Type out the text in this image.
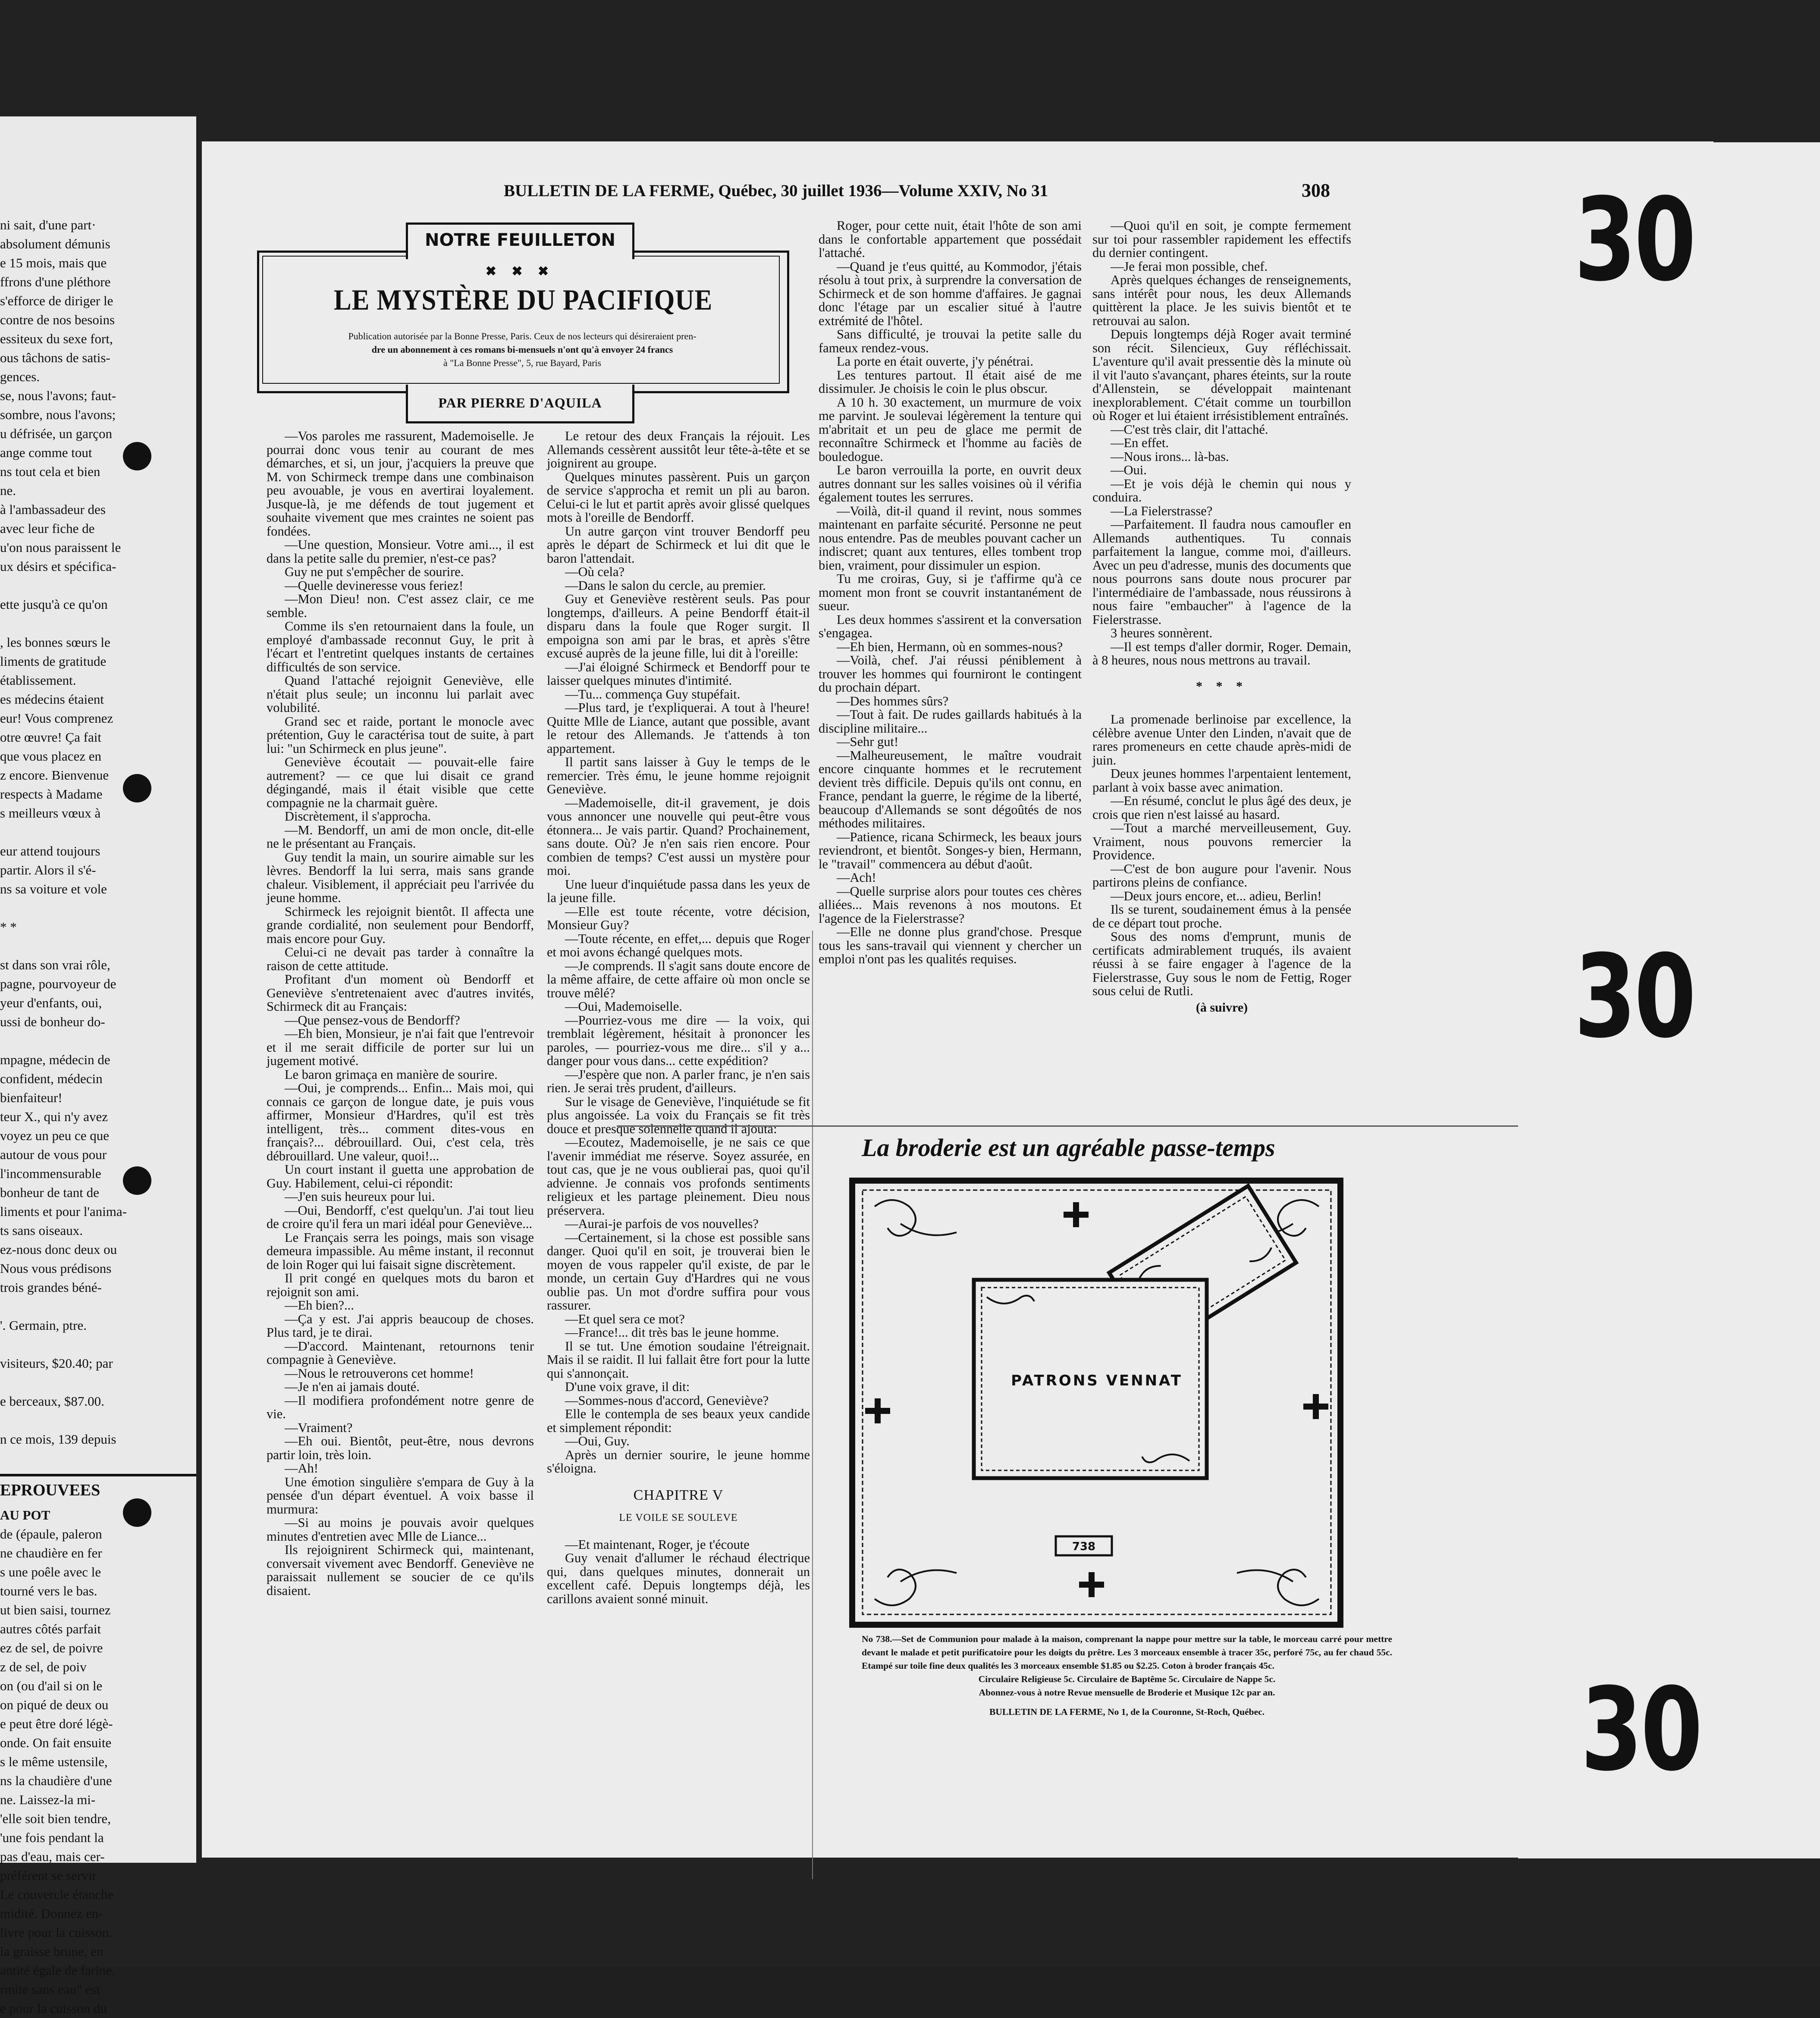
ni sait, d'une part·
absolument démunis
e 15 mois, mais que
ffrons d'une pléthore
s'efforce de diriger le
contre de nos besoins
essiteux du sexe fort,
ous tâchons de satis-
gences.
se, nous l'avons; faut-
sombre, nous l'avons;
u défrisée, un garçon
ange comme tout
ns tout cela et bien
ne.
à l'ambassadeur des
avec leur fiche de
u'on nous paraissent le
ux désirs et spécifica-

ette jusqu'à ce qu'on

, les bonnes sœurs le
liments de gratitude
établissement.
es médecins étaient
eur! Vous comprenez
otre œuvre! Ça fait
que vous placez en
z encore. Bienvenue
respects à Madame
s meilleurs vœux à

eur attend toujours
partir. Alors il s'é-
ns sa voiture et vole

* *

st dans son vrai rôle,
pagne, pourvoyeur de
yeur d'enfants, oui,
ussi de bonheur do-

mpagne, médecin de
confident, médecin
bienfaiteur!
teur X., qui n'y avez
voyez un peu ce que
autour de vous pour
l'incommensurable
bonheur de tant de
liments et pour l'anima-
ts sans oiseaux.
ez-nous donc deux ou
Nous vous prédisons
trois grandes béné-

'. Germain, ptre.

visiteurs, $20.40; par

e berceaux, $87.00.

n ce mois, 139 depuis

EPROUVEES
AU POT
de (épaule, paleron
ne chaudière en fer
s une poêle avec le
tourné vers le bas.
ut bien saisi, tournez
autres côtés parfait
ez de sel, de poivre
z de sel, de poiv
on (ou d'ail si on le
on piqué de deux ou
e peut être doré légè-
onde. On fait ensuite
s le même ustensile,
ns la chaudière d'une
ne. Laissez-la mi-
'elle soit bien tendre,
'une fois pendant la
pas d'eau, mais cer-
préférent se servir
Le couvercle étanche
midité. Donnez en-
livre pour la cuisson.
la graisse brune, en
antité égale de farine.
rmite sans eau" est
e pour la cuisson du
BULLETIN DE LA FERME, Québec, 30 juillet 1936—Volume XXIV, No 31	308
NOTRE FEUILLETON
✖ ✖ ✖
LE MYSTÈRE DU PACIFIQUE
Publication autorisée par la Bonne Presse, Paris. Ceux de nos lecteurs qui désireraient pren-
dre un abonnement à ces romans bi-mensuels n'ont qu'à envoyer 24 francs
à "La Bonne Presse", 5, rue Bayard, Paris
PAR PIERRE D'AQUILA

—Vos paroles me rassurent, Mademoiselle. Je pourrai donc vous tenir au courant de mes démarches, et si, un jour, j'acquiers la preuve que M. von Schirmeck trempe dans une combinaison peu avouable, je vous en avertirai loyalement. Jusque-là, je me défends de tout jugement et souhaite vivement que mes craintes ne soient pas fondées.

—Une question, Monsieur. Votre ami..., il est dans la petite salle du premier, n'est-ce pas?

Guy ne put s'empêcher de sourire.

—Quelle devineresse vous feriez!

—Mon Dieu! non. C'est assez clair, ce me semble.

Comme ils s'en retournaient dans la foule, un employé d'ambassade reconnut Guy, le prit à l'écart et l'entretint quelques instants de certaines difficultés de son service.

Quand l'attaché rejoignit Geneviève, elle n'était plus seule; un inconnu lui parlait avec volubilité.

Grand sec et raide, portant le monocle avec prétention, Guy le caractérisa tout de suite, à part lui: "un Schirmeck en plus jeune".

Geneviève écoutait — pouvait-elle faire autrement? — ce que lui disait ce grand dégingandé, mais il était visible que cette compagnie ne la charmait guère.

Discrètement, il s'approcha.

—M. Bendorff, un ami de mon oncle, dit-elle ne le présentant au Français.

Guy tendit la main, un sourire aimable sur les lèvres. Bendorff la lui serra, mais sans grande chaleur. Visiblement, il appréciait peu l'arrivée du jeune homme.

Schirmeck les rejoignit bientôt. Il affecta une grande cordialité, non seulement pour Bendorff, mais encore pour Guy.

Celui-ci ne devait pas tarder à connaître la raison de cette attitude.

Profitant d'un moment où Bendorff et Geneviève s'entretenaient avec d'autres invités, Schirmeck dit au Français:

—Que pensez-vous de Bendorff?

—Eh bien, Monsieur, je n'ai fait que l'entrevoir et il me serait difficile de porter sur lui un jugement motivé.

Le baron grimaça en manière de sourire.

—Oui, je comprends... Enfin... Mais moi, qui connais ce garçon de longue date, je puis vous affirmer, Monsieur d'Hardres, qu'il est très intelligent, très... comment dites-vous en français?... débrouillard. Oui, c'est cela, très débrouillard. Une valeur, quoi!...

Un court instant il guetta une approbation de Guy. Habilement, celui-ci répondit:

—J'en suis heureux pour lui.

—Oui, Bendorff, c'est quelqu'un. J'ai tout lieu de croire qu'il fera un mari idéal pour Geneviève...

Le Français serra les poings, mais son visage demeura impassible. Au même instant, il reconnut de loin Roger qui lui faisait signe discrètement.

Il prit congé en quelques mots du baron et rejoignit son ami.

—Eh bien?...

—Ça y est. J'ai appris beaucoup de choses. Plus tard, je te dirai.

—D'accord. Maintenant, retournons tenir compagnie à Geneviève.

—Nous le retrouverons cet homme!

—Je n'en ai jamais douté.

—Il modifiera profondément notre genre de vie.

—Vraiment?

—Eh oui. Bientôt, peut-être, nous devrons partir loin, très loin.

—Ah!

Une émotion singulière s'empara de Guy à la pensée d'un départ éventuel. A voix basse il murmura:

—Si au moins je pouvais avoir quelques minutes d'entretien avec Mlle de Liance...

Ils rejoignirent Schirmeck qui, maintenant, conversait vivement avec Bendorff. Geneviève ne paraissait nullement se soucier de ce qu'ils disaient.

Le retour des deux Français la réjouit. Les Allemands cessèrent aussitôt leur tête-à-tête et se joignirent au groupe.

Quelques minutes passèrent. Puis un garçon de service s'approcha et remit un pli au baron. Celui-ci le lut et partit après avoir glissé quelques mots à l'oreille de Bendorff.

Un autre garçon vint trouver Bendorff peu après le départ de Schirmeck et lui dit que le baron l'attendait.

—Où cela?

—Dans le salon du cercle, au premier.

Guy et Geneviève restèrent seuls. Pas pour longtemps, d'ailleurs. A peine Bendorff était-il disparu dans la foule que Roger surgit. Il empoigna son ami par le bras, et après s'être excusé auprès de la jeune fille, lui dit à l'oreille:

—J'ai éloigné Schirmeck et Bendorff pour te laisser quelques minutes d'intimité.

—Tu... commença Guy stupéfait.

—Plus tard, je t'expliquerai. A tout à l'heure! Quitte Mlle de Liance, autant que possible, avant le retour des Allemands. Je t'attends à ton appartement.

Il partit sans laisser à Guy le temps de le remercier. Très ému, le jeune homme rejoignit Geneviève.

—Mademoiselle, dit-il gravement, je dois vous annoncer une nouvelle qui peut-être vous étonnera... Je vais partir. Quand? Prochainement, sans doute. Où? Je n'en sais rien encore. Pour combien de temps? C'est aussi un mystère pour moi.

Une lueur d'inquiétude passa dans les yeux de la jeune fille.

—Elle est toute récente, votre décision, Monsieur Guy?

—Toute récente, en effet,... depuis que Roger et moi avons échangé quelques mots.

—Je comprends. Il s'agit sans doute encore de la même affaire, de cette affaire où mon oncle se trouve mêlé?

—Oui, Mademoiselle.

—Pourriez-vous me dire — la voix, qui tremblait légèrement, hésitait à prononcer les paroles, — pourriez-vous me dire... s'il y a... danger pour vous dans... cette expédition?

—J'espère que non. A parler franc, je n'en sais rien. Je serai très prudent, d'ailleurs.

Sur le visage de Geneviève, l'inquiétude se fit plus angoissée. La voix du Français se fit très douce et presque solennelle quand il ajouta:

—Ecoutez, Mademoiselle, je ne sais ce que l'avenir immédiat me réserve. Soyez assurée, en tout cas, que je ne vous oublierai pas, quoi qu'il advienne. Je connais vos profonds sentiments religieux et les partage pleinement. Dieu nous préservera.

—Aurai-je parfois de vos nouvelles?

—Certainement, si la chose est possible sans danger. Quoi qu'il en soit, je trouverai bien le moyen de vous rappeler qu'il existe, de par le monde, un certain Guy d'Hardres qui ne vous oublie pas. Un mot d'ordre suffira pour vous rassurer.

—Et quel sera ce mot?

—France!... dit très bas le jeune homme.

Il se tut. Une émotion soudaine l'étreignait. Mais il se raidit. Il lui fallait être fort pour la lutte qui s'annonçait.

D'une voix grave, il dit:

—Sommes-nous d'accord, Geneviève?

Elle le contempla de ses beaux yeux candide et simplement répondit:

—Oui, Guy.

Après un dernier sourire, le jeune homme s'éloigna.

CHAPITRE V
LE VOILE SE SOULEVE

—Et maintenant, Roger, je t'écoute

Guy venait d'allumer le réchaud électrique qui, dans quelques minutes, donnerait un excellent café. Depuis longtemps déjà, les carillons avaient sonné minuit.

Roger, pour cette nuit, était l'hôte de son ami dans le confortable appartement que possédait l'attaché.

—Quand je t'eus quitté, au Kommodor, j'étais résolu à tout prix, à surprendre la conversation de Schirmeck et de son homme d'affaires. Je gagnai donc l'étage par un escalier situé à l'autre extrémité de l'hôtel.

Sans difficulté, je trouvai la petite salle du fameux rendez-vous.

La porte en était ouverte, j'y pénétrai.

Les tentures partout. Il était aisé de me dissimuler. Je choisis le coin le plus obscur.

A 10 h. 30 exactement, un murmure de voix me parvint. Je soulevai légèrement la tenture qui m'abritait et un peu de glace me permit de reconnaître Schirmeck et l'homme au faciès de bouledogue.

Le baron verrouilla la porte, en ouvrit deux autres donnant sur les salles voisines où il vérifia également toutes les serrures.

—Voilà, dit-il quand il revint, nous sommes maintenant en parfaite sécurité. Personne ne peut nous entendre. Pas de meubles pouvant cacher un indiscret; quant aux tentures, elles tombent trop bien, vraiment, pour dissimuler un espion.

Tu me croiras, Guy, si je t'affirme qu'à ce moment mon front se couvrit instantanément de sueur.

Les deux hommes s'assirent et la conversation s'engagea.

—Eh bien, Hermann, où en sommes-nous?

—Voilà, chef. J'ai réussi péniblement à trouver les hommes qui fourniront le contingent du prochain départ.

—Des hommes sûrs?

—Tout à fait. De rudes gaillards habitués à la discipline militaire...

—Sehr gut!

—Malheureusement, le maître voudrait encore cinquante hommes et le recrutement devient très difficile. Depuis qu'ils ont connu, en France, pendant la guerre, le régime de la liberté, beaucoup d'Allemands se sont dégoûtés de nos méthodes militaires.

—Patience, ricana Schirmeck, les beaux jours reviendront, et bientôt. Songes-y bien, Hermann, le "travail" commencera au début d'août.

—Ach!

—Quelle surprise alors pour toutes ces chères alliées... Mais revenons à nos moutons. Et l'agence de la Fielerstrasse?

—Elle ne donne plus grand'chose. Presque tous les sans-travail qui viennent y chercher un emploi n'ont pas les qualités requises.

—Quoi qu'il en soit, je compte fermement sur toi pour rassembler rapidement les effectifs du dernier contingent.

—Je ferai mon possible, chef.

Après quelques échanges de renseignements, sans intérêt pour nous, les deux Allemands quittèrent la place. Je les suivis bientôt et te retrouvai au salon.

Depuis longtemps déjà Roger avait terminé son récit. Silencieux, Guy réfléchissait. L'aventure qu'il avait pressentie dès la minute où il vit l'auto s'avançant, phares éteints, sur la route d'Allenstein, se développait maintenant inexplorablement. C'était comme un tourbillon où Roger et lui étaient irrésistiblement entraînés.

—C'est très clair, dit l'attaché.

—En effet.

—Nous irons... là-bas.

—Oui.

—Et je vois déjà le chemin qui nous y conduira.

—La Fielerstrasse?

—Parfaitement. Il faudra nous camoufler en Allemands authentiques. Tu connais parfaitement la langue, comme moi, d'ailleurs. Avec un peu d'adresse, munis des documents que nous pourrons sans doute nous procurer par l'intermédiaire de l'ambassade, nous réussirons à nous faire "embaucher" à l'agence de la Fielerstrasse.

3 heures sonnèrent.

—Il est temps d'aller dormir, Roger. Demain, à 8 heures, nous nous mettrons au travail.

* * *

La promenade berlinoise par excellence, la célèbre avenue Unter den Linden, n'avait que de rares promeneurs en cette chaude après-midi de juin.

Deux jeunes hommes l'arpentaient lentement, parlant à voix basse avec animation.

—En résumé, conclut le plus âgé des deux, je crois que rien n'est laissé au hasard.

—Tout a marché merveilleusement, Guy. Vraiment, nous pouvons remercier la Providence.

—C'est de bon augure pour l'avenir. Nous partirons pleins de confiance.

—Deux jours encore, et... adieu, Berlin!

Ils se turent, soudainement émus à la pensée de ce départ tout proche.

Sous des noms d'emprunt, munis de certificats admirablement truqués, ils avaient réussi à se faire engager à l'agence de la Fielerstrasse, Guy sous le nom de Fettig, Roger sous celui de Rutli.

(à suivre)
La broderie est un agréable passe-temps
738
PATRONS VENNAT
No 738.—Set de Communion pour malade à la maison, comprenant la nappe pour mettre sur la table, le morceau carré pour mettre devant le malade et petit purificatoire pour les doigts du prêtre. Les 3 morceaux ensemble à tracer 35c, perforé 75c, au fer chaud 55c. Etampé sur toile fine deux qualités les 3 morceaux ensemble $1.85 ou $2.25. Coton à broder français 45c.
Circulaire Religieuse 5c. Circulaire de Baptême 5c. Circulaire de Nappe 5c.
Abonnez-vous à notre Revue mensuelle de Broderie et Musique 12c par an.
BULLETIN DE LA FERME, No 1, de la Couronne, St-Roch, Québec.
30
30
30
